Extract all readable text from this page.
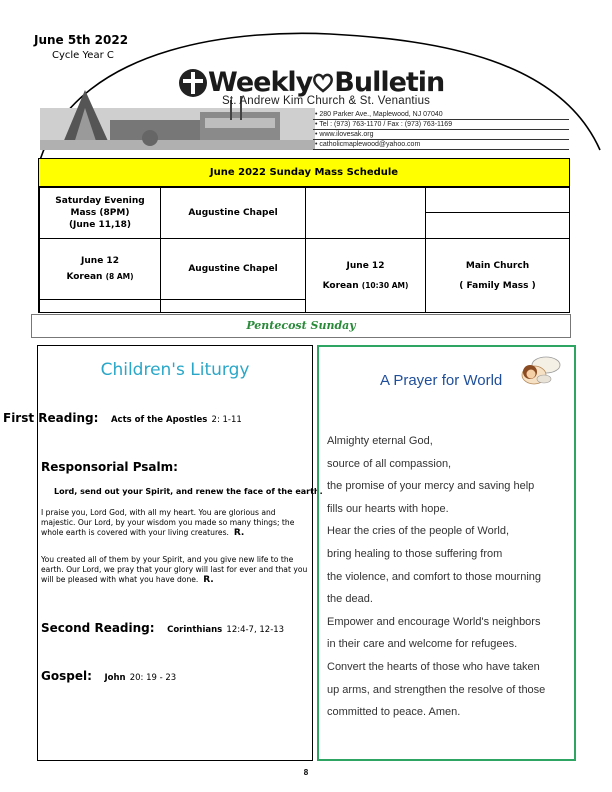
June 5th 2022
Cycle Year C
Weekly Bulletin
St. Andrew Kim Church & St. Venantius
• 280 Parker Ave., Maplewood, NJ 07040
• Tel : (973) 763-1170 / Fax : (973) 763-1169
• www.ilovesak.org
• catholicmaplewood@yahoo.com
June 2022 Sunday Mass Schedule
Saturday Evening
Mass (8PM)
(June 11,18)
Augustine Chapel
June 12
Korean (8 AM)
Augustine Chapel	June 12
Korean (10:30 AM)
Main Church
( Family Mass )
Pentecost Sunday
Children's Liturgy
First Reading: Acts of the Apostles 2: 1-11
Responsorial Psalm:
Lord, send out your Spirit, and renew the face of the earth.
I praise you, Lord God, with all my heart. You are glorious and majestic. Our Lord, by your wisdom you made so many things; the whole earth is covered with your living creatures. R.
You created all of them by your Spirit, and you give new life to the earth. Our Lord, we pray that your glory will last for ever and that you will be pleased with what you have done. R.
Second Reading: Corinthians 12:4-7, 12-13
Gospel: John 20: 19 - 23
A Prayer for World
Almighty eternal God,
source of all compassion,
the promise of your mercy and saving help
fills our hearts with hope.
Hear the cries of the people of World,
bring healing to those suffering from
the violence, and comfort to those mourning
the dead.
Empower and encourage World's neighbors
in their care and welcome for refugees.
Convert the hearts of those who have taken
up arms, and strengthen the resolve of those
committed to peace. Amen.
8
